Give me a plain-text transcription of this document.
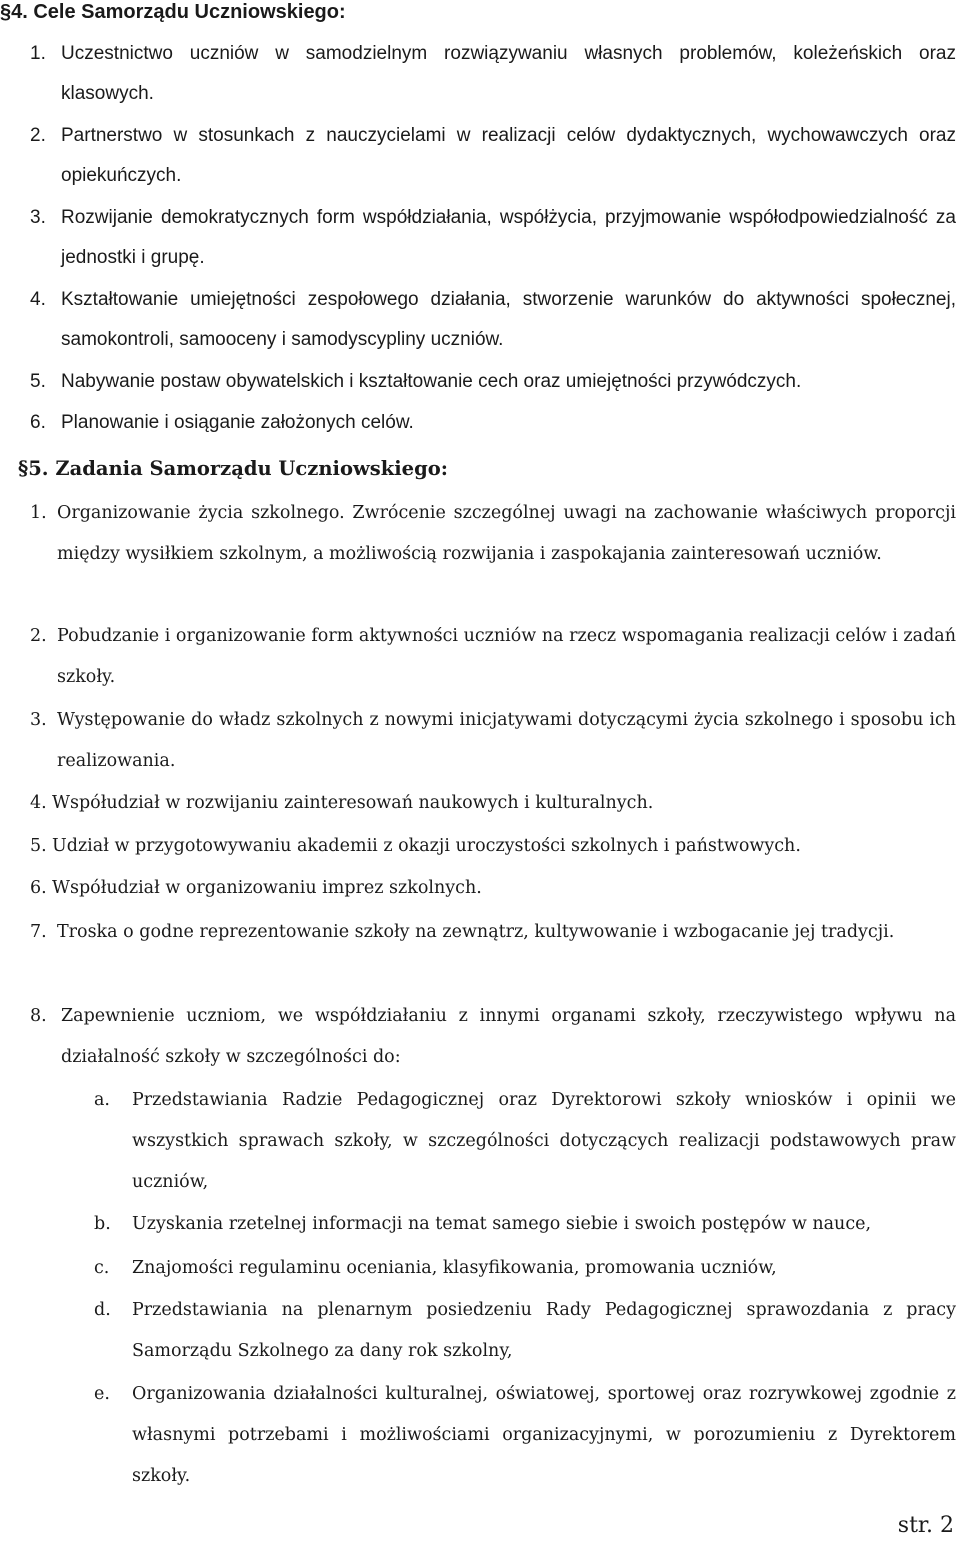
§4. Cele Samorządu Uczniowskiego:
1. Uczestnictwo uczniów w samodzielnym rozwiązywaniu własnych problemów, koleżeńskich oraz klasowych.
2. Partnerstwo w stosunkach z nauczycielami w realizacji celów dydaktycznych, wychowawczych oraz opiekuńczych.
3. Rozwijanie demokratycznych form współdziałania, współżycia, przyjmowanie współodpowiedzialność za jednostki i grupę.
4. Kształtowanie umiejętności zespołowego działania, stworzenie warunków do aktywności społecznej, samokontroli, samooceny i samodyscypliny uczniów.
5. Nabywanie postaw obywatelskich i kształtowanie cech oraz umiejętności przywódczych.
6. Planowanie i osiąganie założonych celów.
§5. Zadania Samorządu Uczniowskiego:
1. Organizowanie życia szkolnego. Zwrócenie szczególnej uwagi na zachowanie właściwych proporcji między wysiłkiem szkolnym, a możliwością rozwijania i zaspokajania zainteresowań uczniów.
2. Pobudzanie i organizowanie form aktywności uczniów na rzecz wspomagania realizacji celów i zadań szkoły.
3. Występowanie do władz szkolnych z nowymi inicjatywami dotyczącymi życia szkolnego i sposobu ich realizowania.
4. Współudział w rozwijaniu zainteresowań naukowych i kulturalnych.
5. Udział w przygotowywaniu akademii z okazji uroczystości szkolnych i państwowych.
6. Współudział w organizowaniu imprez szkolnych.
7. Troska o godne reprezentowanie szkoły na zewnątrz, kultywowanie i wzbogacanie jej tradycji.
8. Zapewnienie uczniom, we współdziałaniu z innymi organami szkoły, rzeczywistego wpływu na działalność szkoły w szczególności do:
a. Przedstawiania Radzie Pedagogicznej oraz Dyrektorowi szkoły wniosków i opinii we wszystkich sprawach szkoły, w szczególności dotyczących realizacji podstawowych praw uczniów,
b. Uzyskania rzetelnej informacji na temat samego siebie i swoich postępów w nauce,
c. Znajomości regulaminu oceniania, klasyfikowania, promowania uczniów,
d. Przedstawiania na plenarnym posiedzeniu Rady Pedagogicznej sprawozdania z pracy Samorządu Szkolnego za dany rok szkolny,
e. Organizowania działalności kulturalnej, oświatowej, sportowej oraz rozrywkowej zgodnie z własnymi potrzebami i możliwościami organizacyjnymi, w porozumieniu z Dyrektorem szkoły.
str. 2
